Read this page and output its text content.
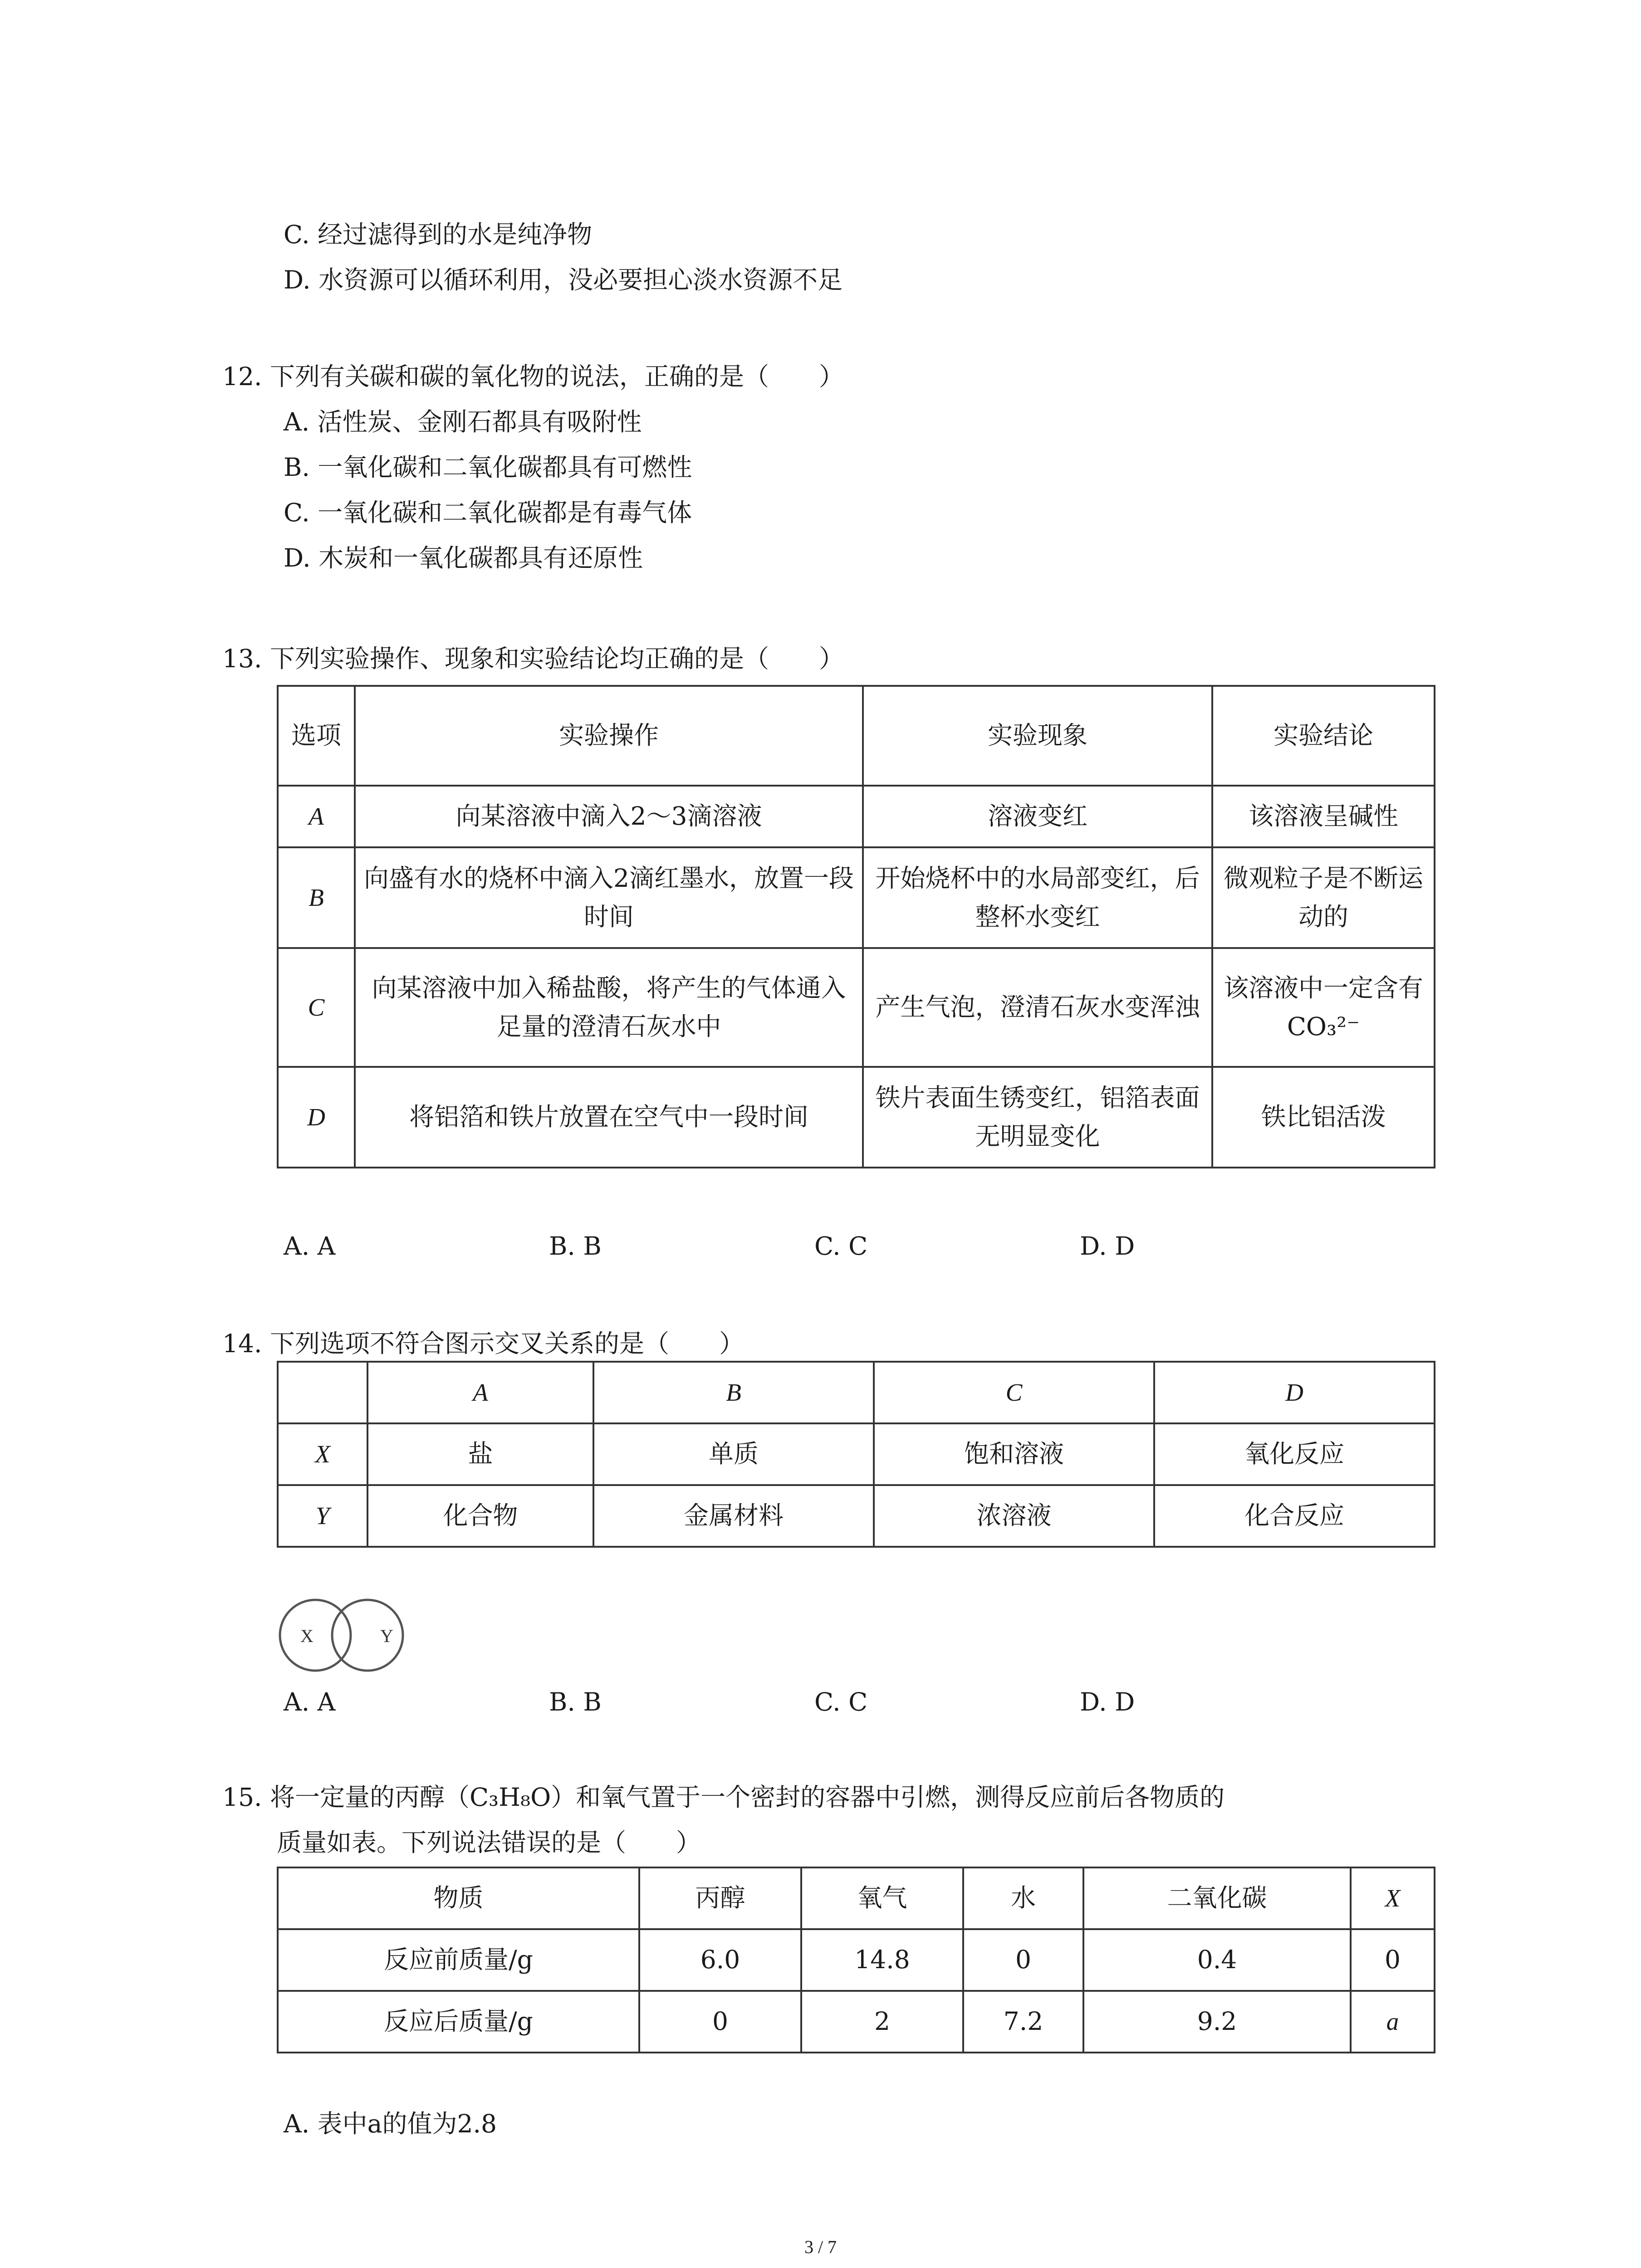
C. 经过滤得到的水是纯净物
D. 水资源可以循环利用，没必要担心淡水资源不足
12. 下列有关碳和碳的氧化物的说法，正确的是（　　）
A. 活性炭、金刚石都具有吸附性
B. 一氧化碳和二氧化碳都具有可燃性
C. 一氧化碳和二氧化碳都是有毒气体
D. 木炭和一氧化碳都具有还原性
13. 下列实验操作、现象和实验结论均正确的是（　　）
选项	实验操作	实验现象	实验结论
A	向某溶液中滴入2～3滴溶液	溶液变红	该溶液呈碱性
B	向盛有水的烧杯中滴入2滴红墨水，放置一段时间	开始烧杯中的水局部变红，后整杯水变红	微观粒子是不断运动的
C	向某溶液中加入稀盐酸，将产生的气体通入足量的澄清石灰水中	产生气泡，澄清石灰水变浑浊	该溶液中一定含有CO₃²⁻
D	将铝箔和铁片放置在空气中一段时间	铁片表面生锈变红，铝箔表面无明显变化	铁比铝活泼
A. A	B. B	C. C	D. D
14. 下列选项不符合图示交叉关系的是（　　）
	A	B	C	D
X	盐	单质	饱和溶液	氧化反应
Y	化合物	金属材料	浓溶液	化合反应
X	Y
A. A	B. B	C. C	D. D
15. 将一定量的丙醇（C₃H₈O）和氧气置于一个密封的容器中引燃，测得反应前后各物质的
质量如表。下列说法错误的是（　　）
物质	丙醇	氧气	水	二氧化碳	X
反应前质量/g	6.0	14.8	0	0.4	0
反应后质量/g	0	2	7.2	9.2	a
A. 表中a的值为2.8
3 / 7
